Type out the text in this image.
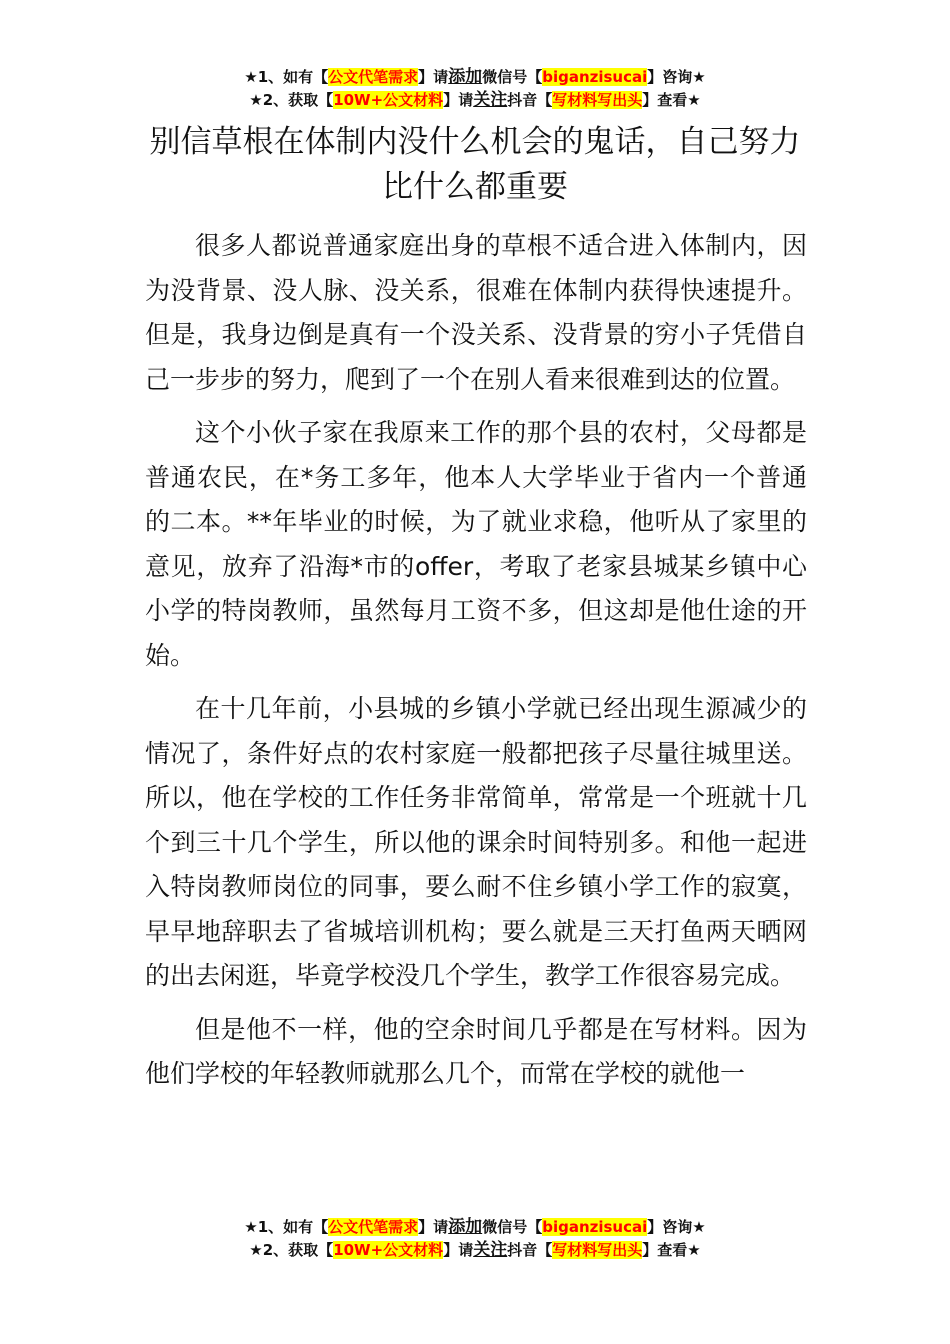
★1、如有【公文代笔需求】请添加微信号【biganzisucai】咨询★
★2、获取【10W+公文材料】请关注抖音【写材料写出头】查看★
别信草根在体制内没什么机会的鬼话，自己努力比什么都重要

很多人都说普通家庭出身的草根不适合进入体制内，因为没背景、没人脉、没关系，很难在体制内获得快速提升。但是，我身边倒是真有一个没关系、没背景的穷小子凭借自己一步步的努力，爬到了一个在别人看来很难到达的位置。

这个小伙子家在我原来工作的那个县的农村，父母都是普通农民，在*务工多年，他本人大学毕业于省内一个普通的二本。**年毕业的时候，为了就业求稳，他听从了家里的意见，放弃了沿海*市的offer，考取了老家县城某乡镇中心小学的特岗教师，虽然每月工资不多，但这却是他仕途的开始。

在十几年前，小县城的乡镇小学就已经出现生源减少的情况了，条件好点的农村家庭一般都把孩子尽量往城里送。所以，他在学校的工作任务非常简单，常常是一个班就十几个到三十几个学生，所以他的课余时间特别多。和他一起进入特岗教师岗位的同事，要么耐不住乡镇小学工作的寂寞，早早地辞职去了省城培训机构；要么就是三天打鱼两天晒网的出去闲逛，毕竟学校没几个学生，教学工作很容易完成。

但是他不一样，他的空余时间几乎都是在写材料。因为他们学校的年轻教师就那么几个，而常在学校的就他一

★1、如有【公文代笔需求】请添加微信号【biganzisucai】咨询★
★2、获取【10W+公文材料】请关注抖音【写材料写出头】查看★
